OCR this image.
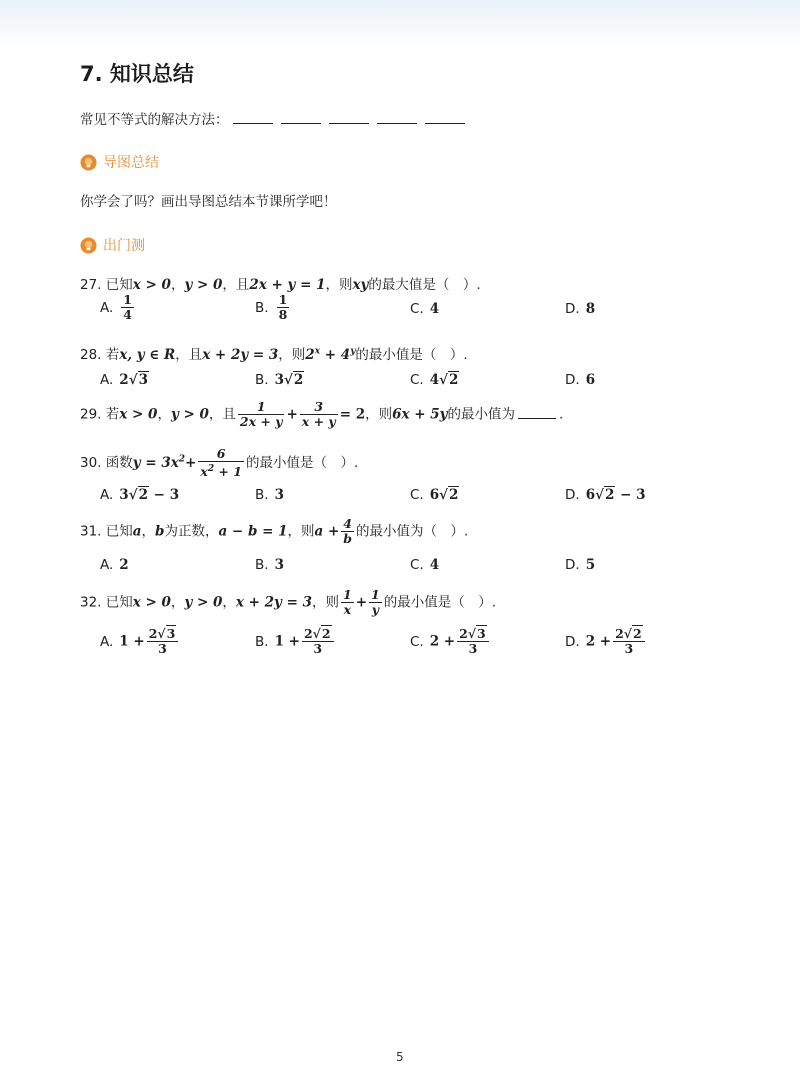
7. 知识总结
常见不等式的解决方法：
导图总结
你学会了吗？画出导图总结本节课所学吧！
出门测
27. 已知x > 0，y > 0，且2x + y = 1，则xy的最大值是（　）.
A. $\frac{1}{4}$	B. $\frac{1}{8}$	C. 4	D. 8
28. 若x, y ∈ R，且x + 2y = 3，则$2^x + 4^y$的最小值是（　）.
A. 2√3	B. 3√2	C. 4√2	D. 6
29. 若x > 0，y > 0，且 $\frac{1}{2x + y} + \frac{3}{x + y} = 2$，则6x + 5y的最小值为	.
30. 函数$y = 3x^2+ \frac{6}{x^2 + 1}$ 的最小值是（　）.
A. 3√2 − 3	B. 3	C. 6√2	D. 6√2 − 3
31. 已知a，b为正数，a − b = 1，则$a + \frac{4}{b}$ 的最小值为（　）.
A. 2	B. 3	C. 4	D. 5
32. 已知x > 0，y > 0，x + 2y = 3，则 $\frac{1}{x} + \frac{1}{y}$ 的最小值是（　）.
A. $1 + \frac{2√3}{3}$	B. $1 + \frac{2√2}{3}$	C. $2 + \frac{2√3}{3}$	D. $2 + \frac{2√2}{3}$
5
